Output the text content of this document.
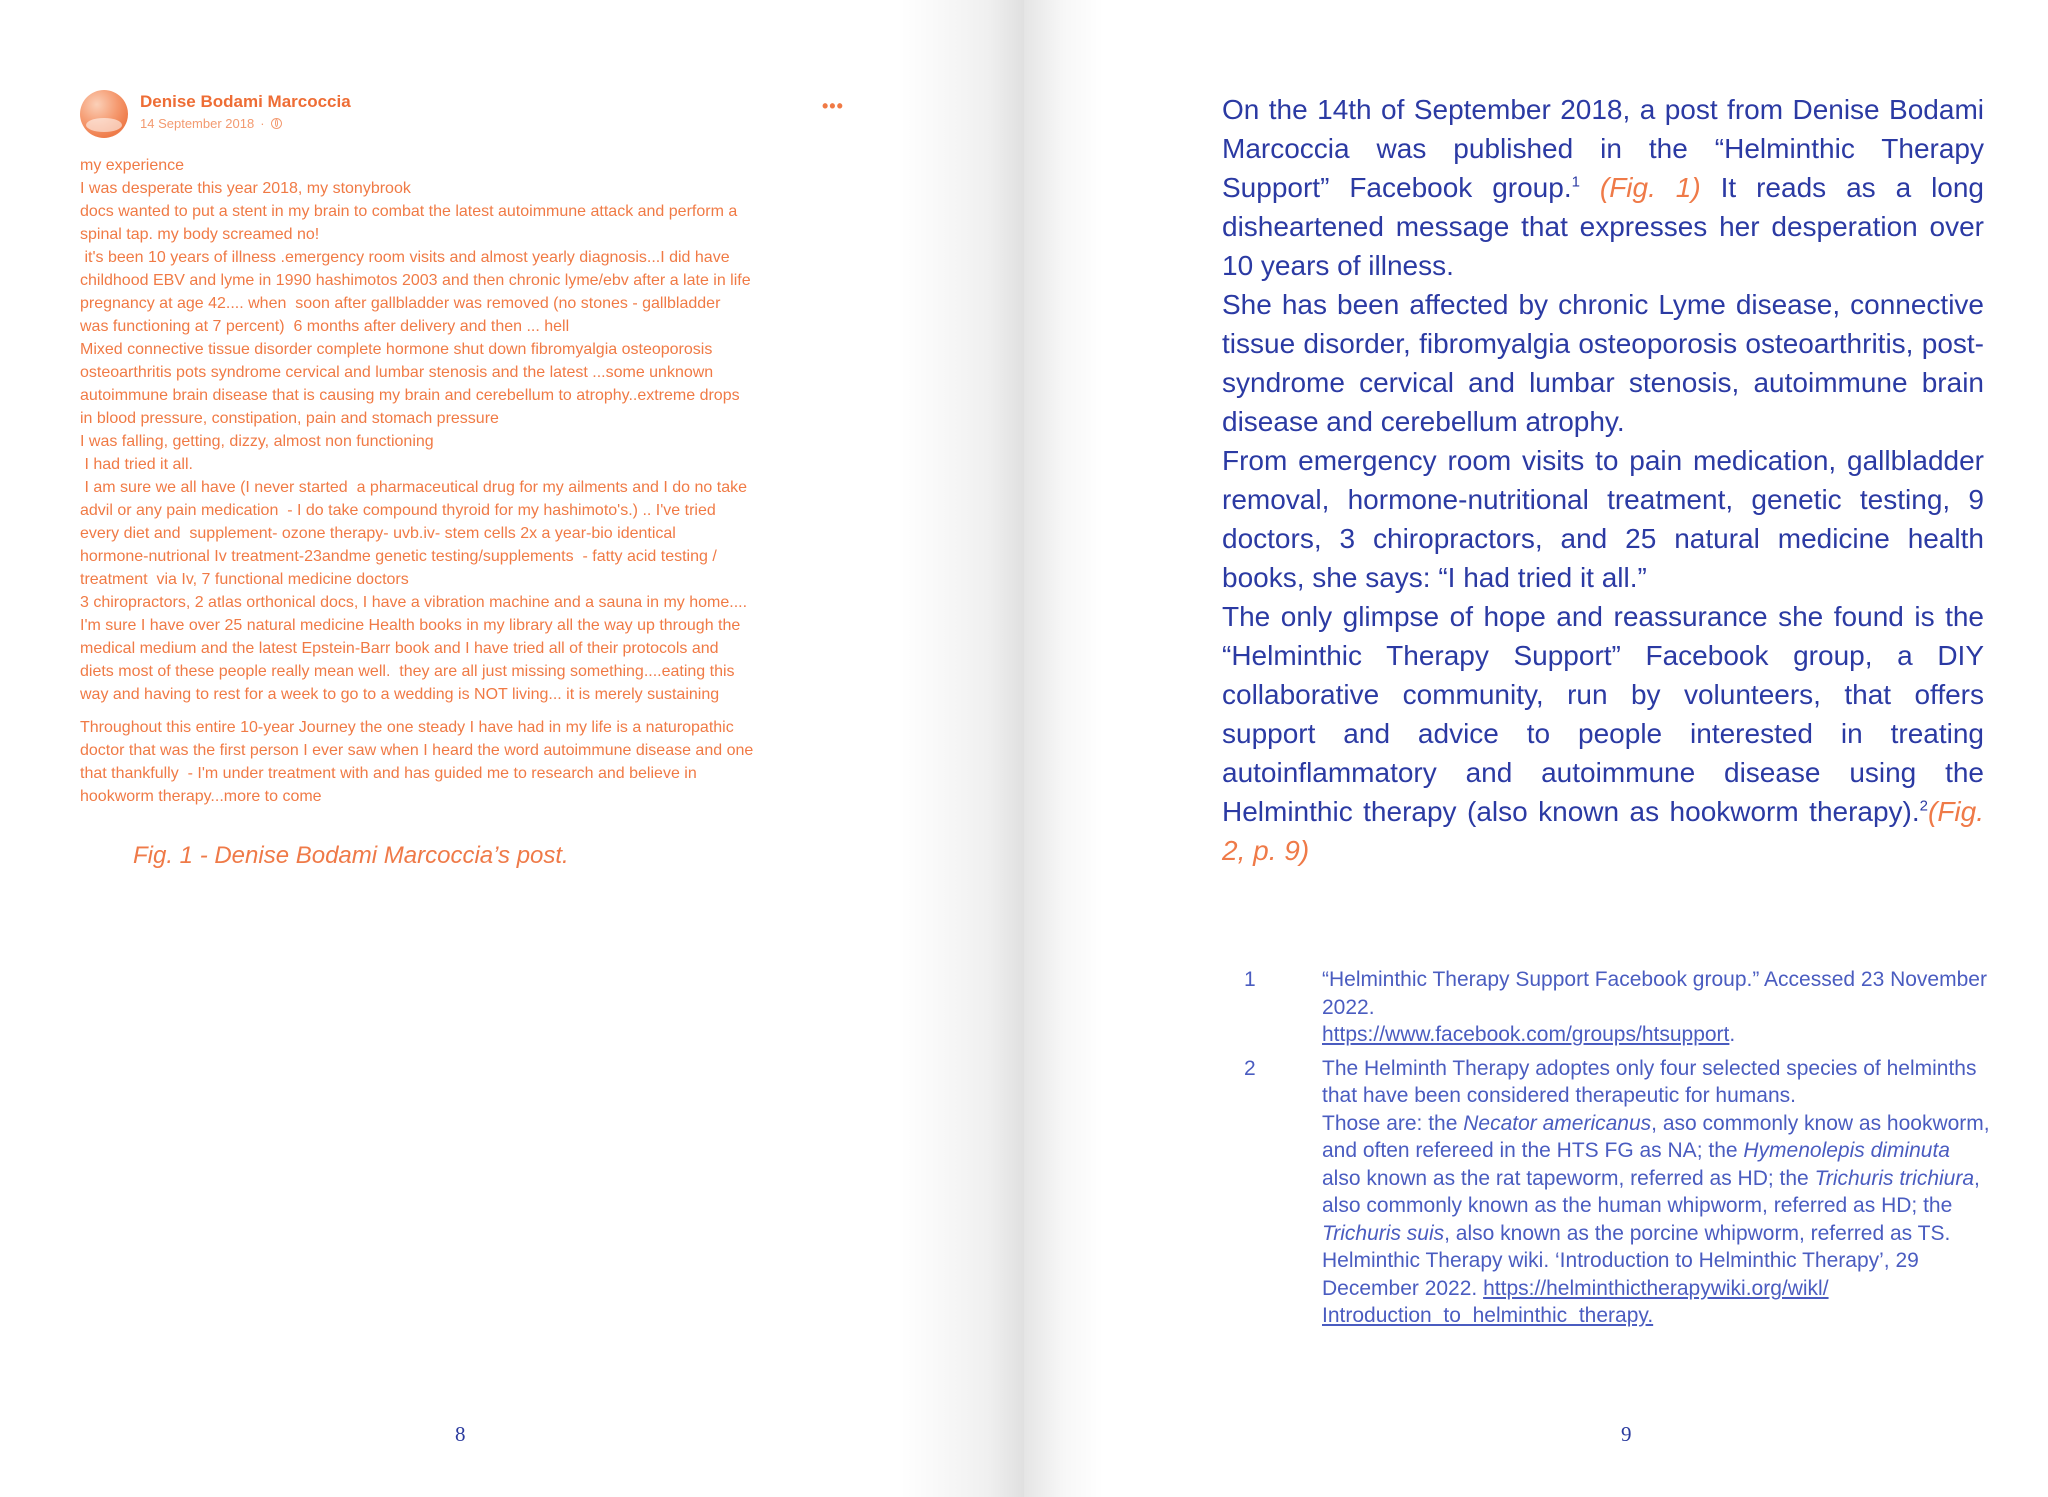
Denise Bodami Marcoccia
14 September 2018 ·
•••

my experience

I was desperate this year 2018, my stonybrook

docs wanted to put a stent in my brain to combat the latest autoimmune attack and perform a

spinal tap. my body screamed no!

it's been 10 years of illness .emergency room visits and almost yearly diagnosis...I did have

childhood EBV and lyme in 1990 hashimotos 2003 and then chronic lyme/ebv after a late in life

pregnancy at age 42.... when  soon after gallbladder was removed (no stones - gallbladder

was functioning at 7 percent)  6 months after delivery and then ... hell

Mixed connective tissue disorder complete hormone shut down fibromyalgia osteoporosis

osteoarthritis pots syndrome cervical and lumbar stenosis and the latest ...some unknown

autoimmune brain disease that is causing my brain and cerebellum to atrophy..extreme drops

in blood pressure, constipation, pain and stomach pressure

I was falling, getting, dizzy, almost non functioning

I had tried it all.

I am sure we all have (I never started  a pharmaceutical drug for my ailments and I do no take

advil or any pain medication  - I do take compound thyroid for my hashimoto's.) .. I've tried

every diet and  supplement- ozone therapy- uvb.iv- stem cells 2x a year-bio identical

hormone-nutrional Iv treatment-23andme genetic testing/supplements  - fatty acid testing /

treatment  via Iv, 7 functional medicine doctors

3 chiropractors, 2 atlas orthonical docs, I have a vibration machine and a sauna in my home....

I'm sure I have over 25 natural medicine Health books in my library all the way up through the

medical medium and the latest Epstein-Barr book and I have tried all of their protocols and

diets most of these people really mean well.  they are all just missing something....eating this

way and having to rest for a week to go to a wedding is NOT living... it is merely sustaining

Throughout this entire 10-year Journey the one steady I have had in my life is a naturopathic

doctor that was the first person I ever saw when I heard the word autoimmune disease and one

that thankfully  - I'm under treatment with and has guided me to research and believe in

hookworm therapy...more to come

Fig. 1 - Denise Bodami Marcoccia’s post.
8

On the 14th of September 2018, a post from Denise Bodami Marcoccia was published in the “Helminthic Therapy Support” Facebook group.$^1$ (Fig. 1) It reads as a long disheartened message that expresses her desperation over 10 years of illness.

She has been affected by chronic Lyme disease, connective tissue disorder, fibromyalgia osteoporosis osteoarthritis, post-syndrome cervical and lumbar stenosis, autoimmune brain disease and cerebellum atrophy.

From emergency room visits to pain medication, gallbladder removal, hormone-nutritional treatment, genetic testing, 9 doctors, 3 chiropractors, and 25 natural medicine health books, she says: “I had tried it all.”

The only glimpse of hope and reassurance she found is the “Helminthic Therapy Support” Facebook group, a DIY collaborative community, run by volunteers, that offers support and advice to people interested in treating autoinflammatory and autoimmune disease using the Helminthic therapy (also known as hookworm therapy).$^2$(Fig. 2, p. 9)

1	“Helminthic Therapy Support Facebook group.” Accessed 23 November 2022.
https://www.facebook.com/groups/htsupport.

2	The Helminth Therapy adoptes only four selected species of helminths that have been considered therapeutic for humans.

Those are: the Necator americanus, aso commonly know as hookworm, and often refereed in the HTS FG as NA; the Hymenolepis diminuta also known as the rat tapeworm, referred as HD; the Trichuris trichiura, also commonly known as the human whipworm, referred as HD; the Trichuris suis, also known as the porcine whipworm, referred as TS.

Helminthic Therapy wiki. ‘Introduction to Helminthic Therapy’, 29 December 2022. https://helminthictherapywiki.org/wikl/ Introduction_to_helminthic_therapy.

9
